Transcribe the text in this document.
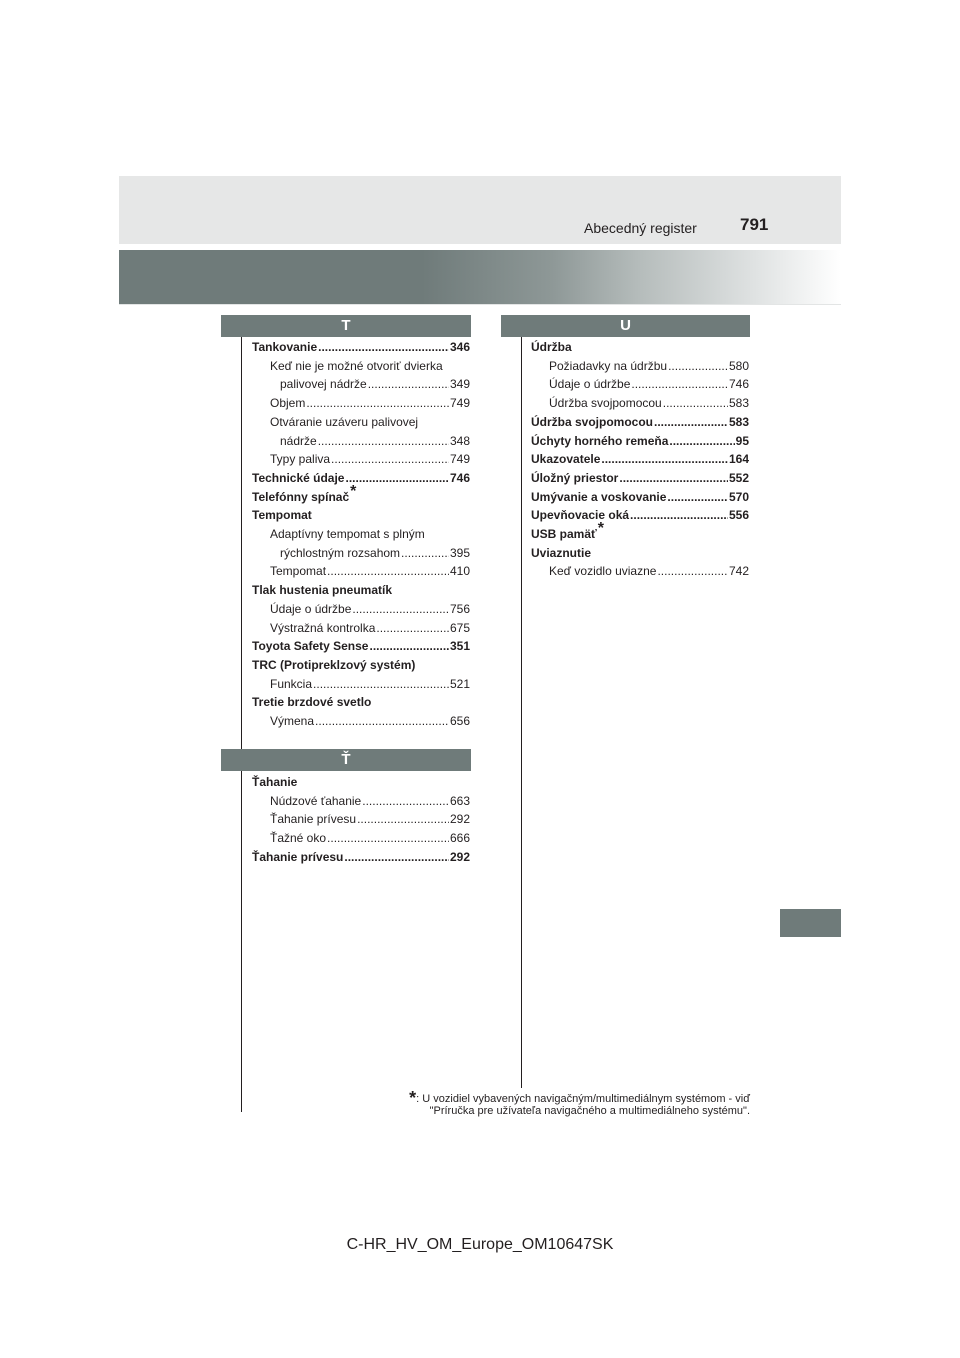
Abecedný register	791
T
Tankovanie .....	346
Keď nie je možné otvoriť dvierka
palivovej nádrže .....	349
Objem .....	749
Otváranie uzáveru palivovej
nádrže .....	348
Typy paliva .....	749
Technické údaje .....	746
Telefónny spínač*
Tempomat
Adaptívny tempomat s plným
rýchlostným rozsahom .....	395
Tempomat .....	410
Tlak hustenia pneumatík
Údaje o údržbe .....	756
Výstražná kontrolka .....	675
Toyota Safety Sense .....	351
TRC (Protipreklzový systém)
Funkcia .....	521
Tretie brzdové svetlo
Výmena .....	656
Ť
Ťahanie
Núdzové ťahanie .....	663
Ťahanie prívesu .....	292
Ťažné oko .....	666
Ťahanie prívesu .....	292
U
Údržba
Požiadavky na údržbu .....	580
Údaje o údržbe .....	746
Údržba svojpomocou .....	583
Údržba svojpomocou .....	583
Úchyty horného remeňa .....	95
Ukazovatele .....	164
Úložný priestor .....	552
Umývanie a voskovanie .....	570
Upevňovacie oká .....	556
USB pamäť*
Uviaznutie
Keď vozidlo uviazne .....	742
*: U vozidiel vybavených navigačným/multimediálnym systémom - viď
"Príručka pre užívateľa navigačného a multimediálneho systému".
C-HR_HV_OM_Europe_OM10647SK
